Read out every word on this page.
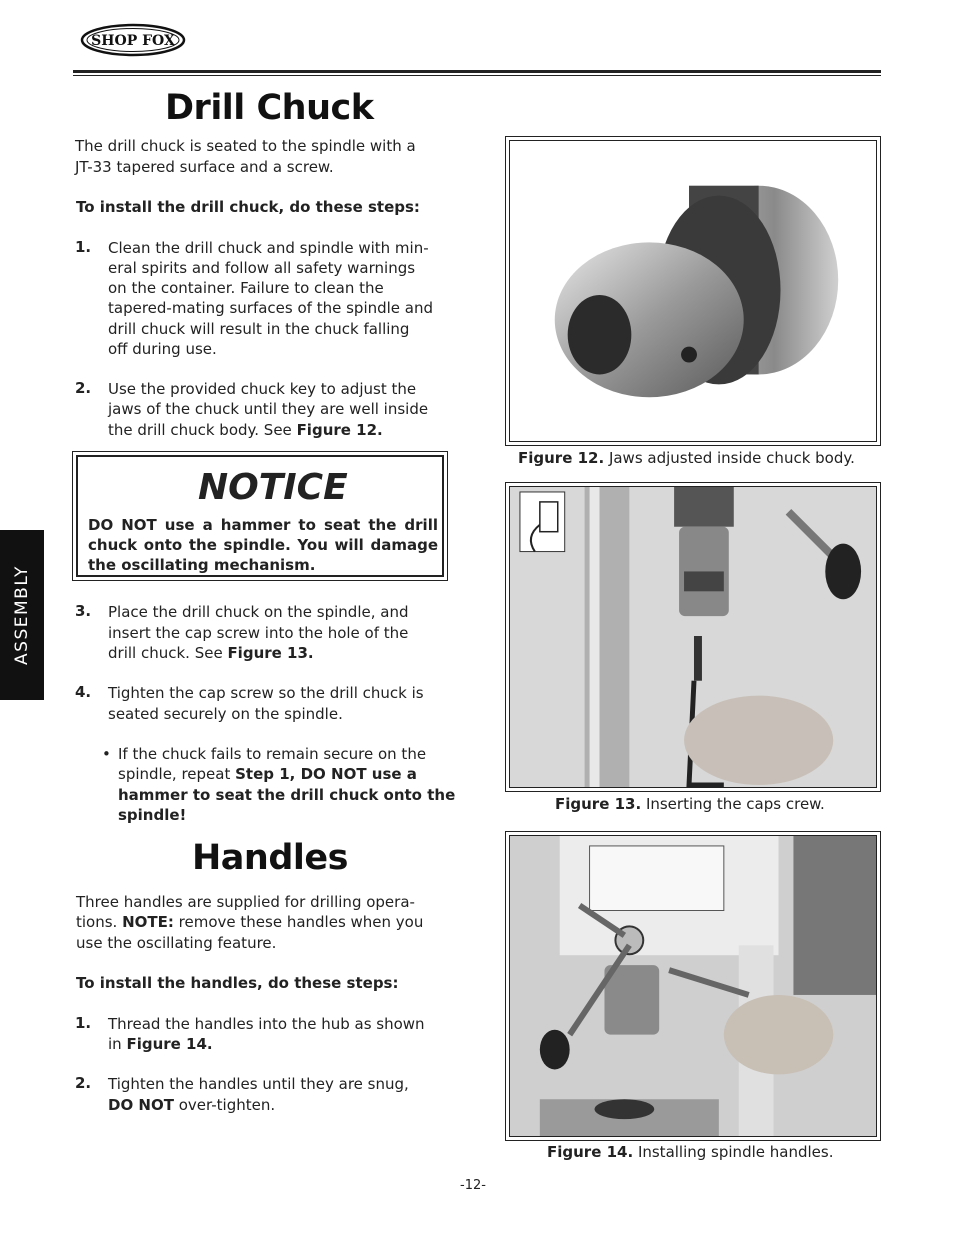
SHOP FOX
ASSEMBLY
Drill Chuck

The drill chuck is seated to the spindle with a

JT-33 tapered surface and a screw.

To install the drill chuck, do these steps:

1. Clean the drill chuck and spindle with min-

eral spirits and follow all safety warnings

on the container. Failure to clean the

tapered-mating surfaces of the spindle and

drill chuck will result in the chuck falling

off during use.

2. Use the provided chuck key to adjust the

jaws of the chuck until they are well inside

the drill chuck body. See Figure 12.

NOTICE
DO NOT use a hammer to seat the drill chuck onto the spindle. You will damage the oscillating mechanism.
3. Place the drill chuck on the spindle, and

insert the cap screw into the hole of the

drill chuck. See Figure 13.

4. Tighten the cap screw so the drill chuck is

seated securely on the spindle.

• If the chuck fails to remain secure on the

spindle, repeat Step 1, DO NOT use a

hammer to seat the drill chuck onto the

spindle!

Handles

Three handles are supplied for drilling opera-

tions. NOTE: remove these handles when you

use the oscillating feature.

To install the handles, do these steps:

1. Thread the handles into the hub as shown

in Figure 14.

2. Tighten the handles until they are snug,

DO NOT over-tighten.

Figure 12. Jaws adjusted inside chuck body.
Figure 13. Inserting the caps crew.
Figure 14. Installing spindle handles.
-12-
